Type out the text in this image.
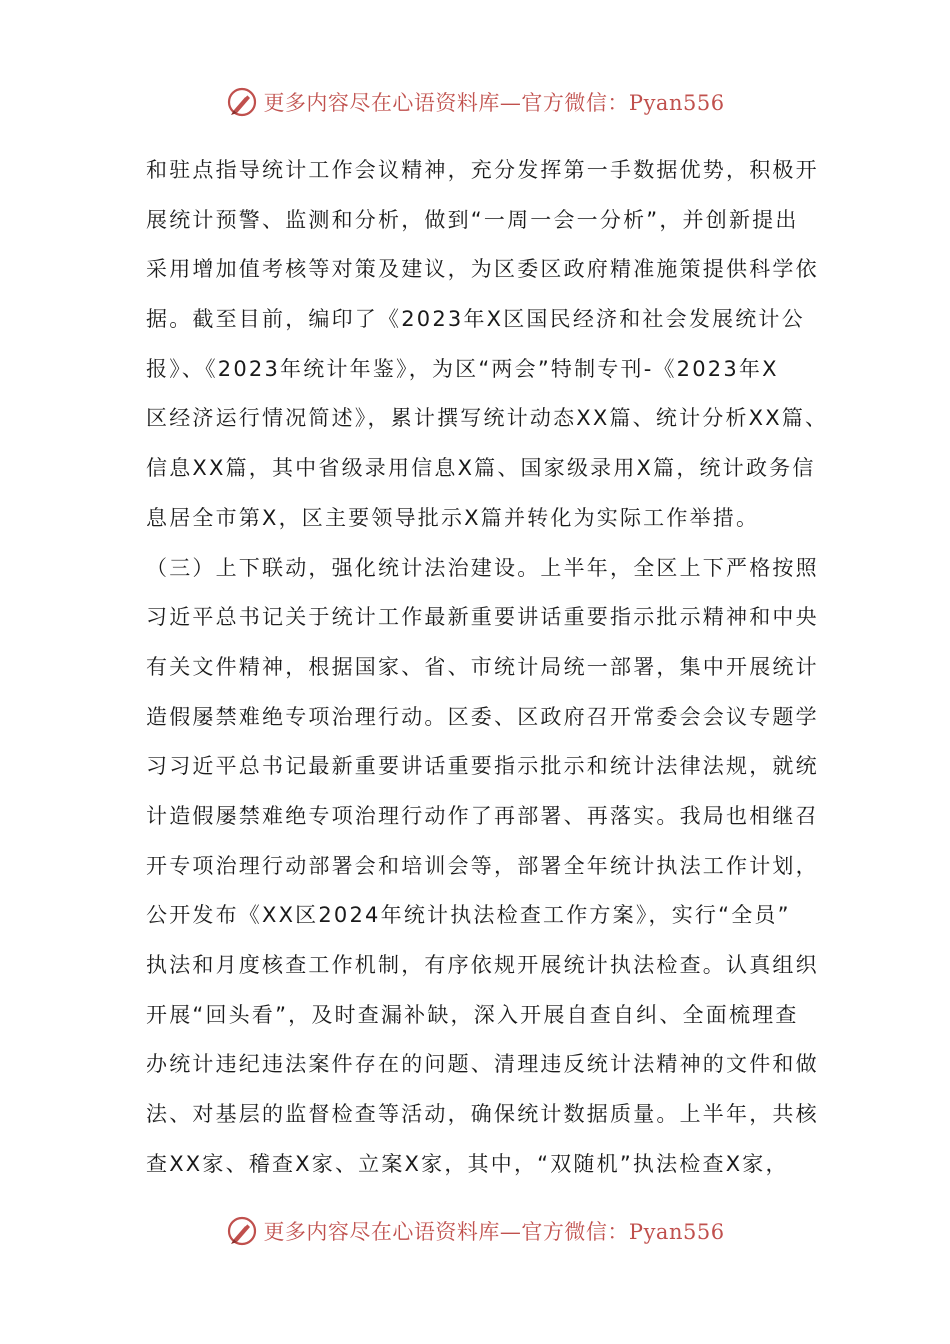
更多内容尽在心语资料库—官方微信：Pyan556
和驻点指导统计工作会议精神，充分发挥第一手数据优势，积极开
展统计预警、监测和分析，做到“一周一会一分析”，并创新提出
采用增加值考核等对策及建议，为区委区政府精准施策提供科学依
据。截至目前，编印了《2023年X区国民经济和社会发展统计公
报》、《2023年统计年鉴》，为区“两会”特制专刊-《2023年X
区经济运行情况简述》，累计撰写统计动态XX篇、统计分析XX篇、
信息XX篇，其中省级录用信息X篇、国家级录用X篇，统计政务信
息居全市第X，区主要领导批示X篇并转化为实际工作举措。
（三）上下联动，强化统计法治建设。上半年，全区上下严格按照
习近平总书记关于统计工作最新重要讲话重要指示批示精神和中央
有关文件精神，根据国家、省、市统计局统一部署，集中开展统计
造假屡禁难绝专项治理行动。区委、区政府召开常委会会议专题学
习习近平总书记最新重要讲话重要指示批示和统计法律法规，就统
计造假屡禁难绝专项治理行动作了再部署、再落实。我局也相继召
开专项治理行动部署会和培训会等，部署全年统计执法工作计划，
公开发布《XX区2024年统计执法检查工作方案》，实行“全员”
执法和月度核查工作机制，有序依规开展统计执法检查。认真组织
开展“回头看”，及时查漏补缺，深入开展自查自纠、全面梳理查
办统计违纪违法案件存在的问题、清理违反统计法精神的文件和做
法、对基层的监督检查等活动，确保统计数据质量。上半年，共核
查XX家、稽查X家、立案X家，其中，“双随机”执法检查X家，
更多内容尽在心语资料库—官方微信：Pyan556
